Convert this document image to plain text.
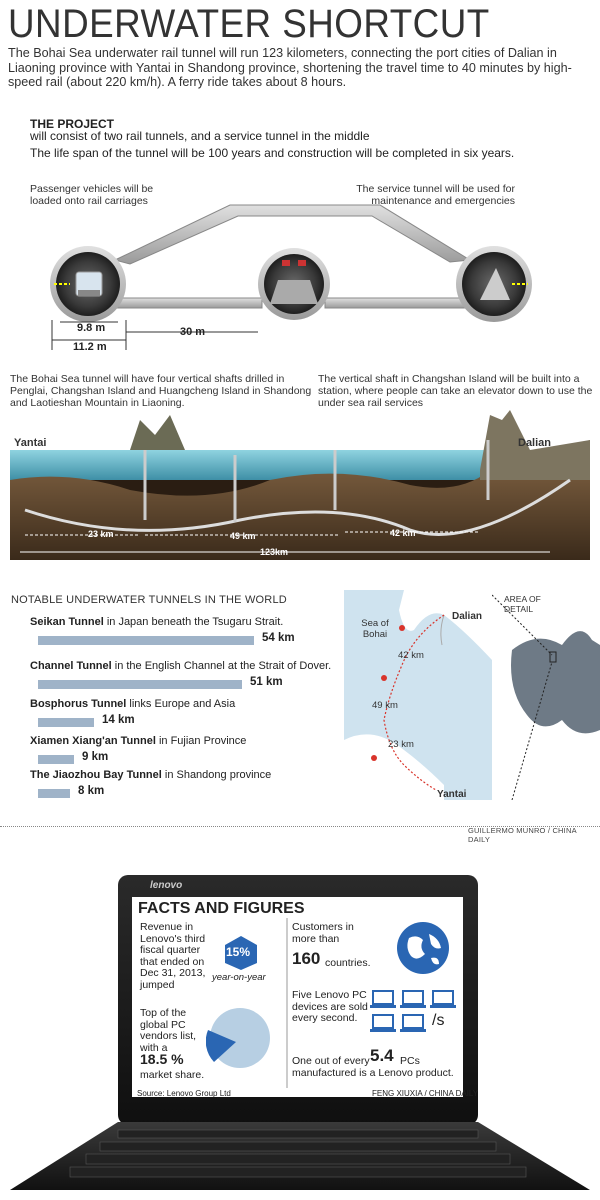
UNDERWATER SHORTCUT
The Bohai Sea underwater rail tunnel will run 123 kilometers, connecting the port cities of Dalian in Liaoning province with Yantai in Shandong province, shortening the travel time to 40 minutes by high-speed rail (about 220 km/h). A ferry ride takes about 8 hours.
THE PROJECT
will consist of two rail tunnels, and a service tunnel in the middle
The life span of the tunnel will be 100 years and construction will be completed in six years.
Passenger vehicles will be loaded onto rail carriages
The service tunnel will be used for maintenance and emergencies
9.8 m
11.2 m
30 m
The Bohai Sea tunnel will have four vertical shafts drilled in Penglai, Changshan Island and Huangcheng Island in Shandong and Laotieshan Mountain in Liaoning.
The vertical shaft in Changshan Island will be built into a station, where people can take an elevator down to use the under sea rail services
Yantai	Dalian
23 km	49 km	42 km
123km
NOTABLE UNDERWATER TUNNELS IN THE WORLD
Seikan Tunnel in Japan beneath the Tsugaru Strait.
54 km
Channel Tunnel in the English Channel at the Strait of Dover.
51 km
Bosphorus Tunnel links Europe and Asia
14 km
Xiamen Xiang'an Tunnel in Fujian Province
9 km
The Jiaozhou Bay Tunnel in Shandong province
8 km
Sea of Bohai
Dalian
Yantai
42 km
49 km
23 km
AREA OF DETAIL
GUILLERMO MUNRO / CHINA DAILY
lenovo
FACTS AND FIGURES
Revenue in Lenovo's third fiscal quarter that ended on Dec 31, 2013, jumped
15%
year-on-year
Top of the global PC vendors list, with a
18.5 %
market share.
Source: Lenovo Group Ltd
Customers in more than
160 countries.
Five Lenovo PC devices are sold every second.	/s
One out of every 5.4 PCs
manufactured is a Lenovo product.
FENG XIUXIA / CHINA DAILY
